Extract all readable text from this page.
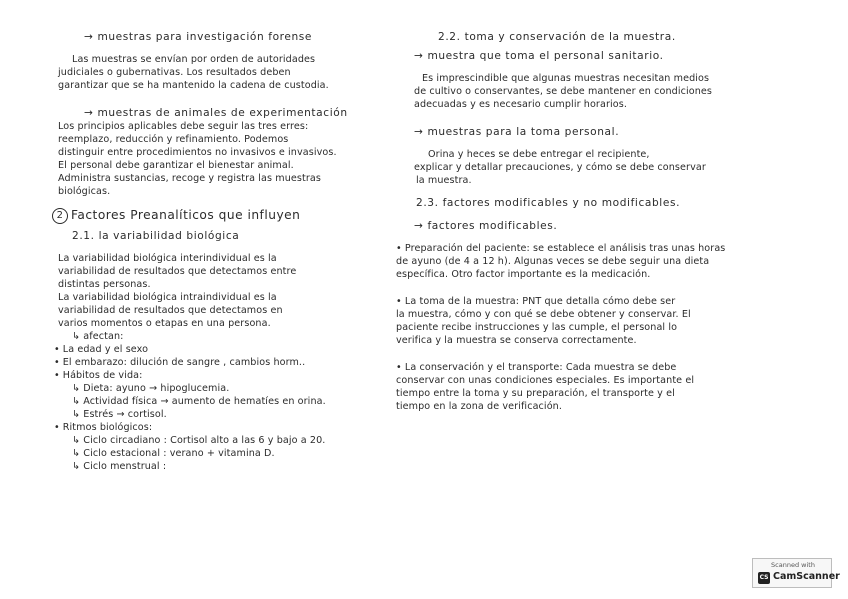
→ muestras para investigación forense
Las muestras se envían por orden de autoridades
judiciales o gubernativas. Los resultados deben
garantizar que se ha mantenido la cadena de custodia.
→ muestras de animales de experimentación
Los principios aplicables debe seguir las tres erres:
reemplazo, reducción y refinamiento. Podemos
distinguir entre procedimientos no invasivos e invasivos.
El personal debe garantizar el bienestar animal.
Administra sustancias, recoge y registra las muestras
biológicas.
2 Factores Preanalíticos que influyen
2.1. la variabilidad biológica
La variabilidad biológica interindividual es la
variabilidad de resultados que detectamos entre
distintas personas.
La variabilidad biológica intraindividual es la
variabilidad de resultados que detectamos en
varios momentos o etapas en una persona.
↳ afectan:
• La edad y el sexo
• El embarazo: dilución de sangre , cambios horm..
• Hábitos de vida:
↳ Dieta: ayuno → hipoglucemia.
↳ Actividad física → aumento de hematíes en orina.
↳ Estrés → cortisol.
• Ritmos biológicos:
↳ Ciclo circadiano : Cortisol alto a las 6 y bajo a 20.
↳ Ciclo estacional : verano + vitamina D.
↳ Ciclo menstrual :
2.2. toma y conservación de la muestra.
→ muestra que toma el personal sanitario.
Es imprescindible que algunas muestras necesitan medios
de cultivo o conservantes, se debe mantener en condiciones
adecuadas y es necesario cumplir horarios.
→ muestras para la toma personal.
Orina y heces se debe entregar el recipiente,
explicar y detallar precauciones, y cómo se debe conservar
la muestra.
2.3. factores modificables y no modificables.
→ factores modificables.
• Preparación del paciente: se establece el análisis tras unas horas
de ayuno (de 4 a 12 h). Algunas veces se debe seguir una dieta
específica. Otro factor importante es la medicación.
• La toma de la muestra: PNT que detalla cómo debe ser
la muestra, cómo y con qué se debe obtener y conservar. El
paciente recibe instrucciones y las cumple, el personal lo
verifica y la muestra se conserva correctamente.
• La conservación y el transporte: Cada muestra se debe
conservar con unas condiciones especiales. Es importante el
tiempo entre la toma y su preparación, el transporte y el
tiempo en la zona de verificación.
Scanned with
CS CamScanner
